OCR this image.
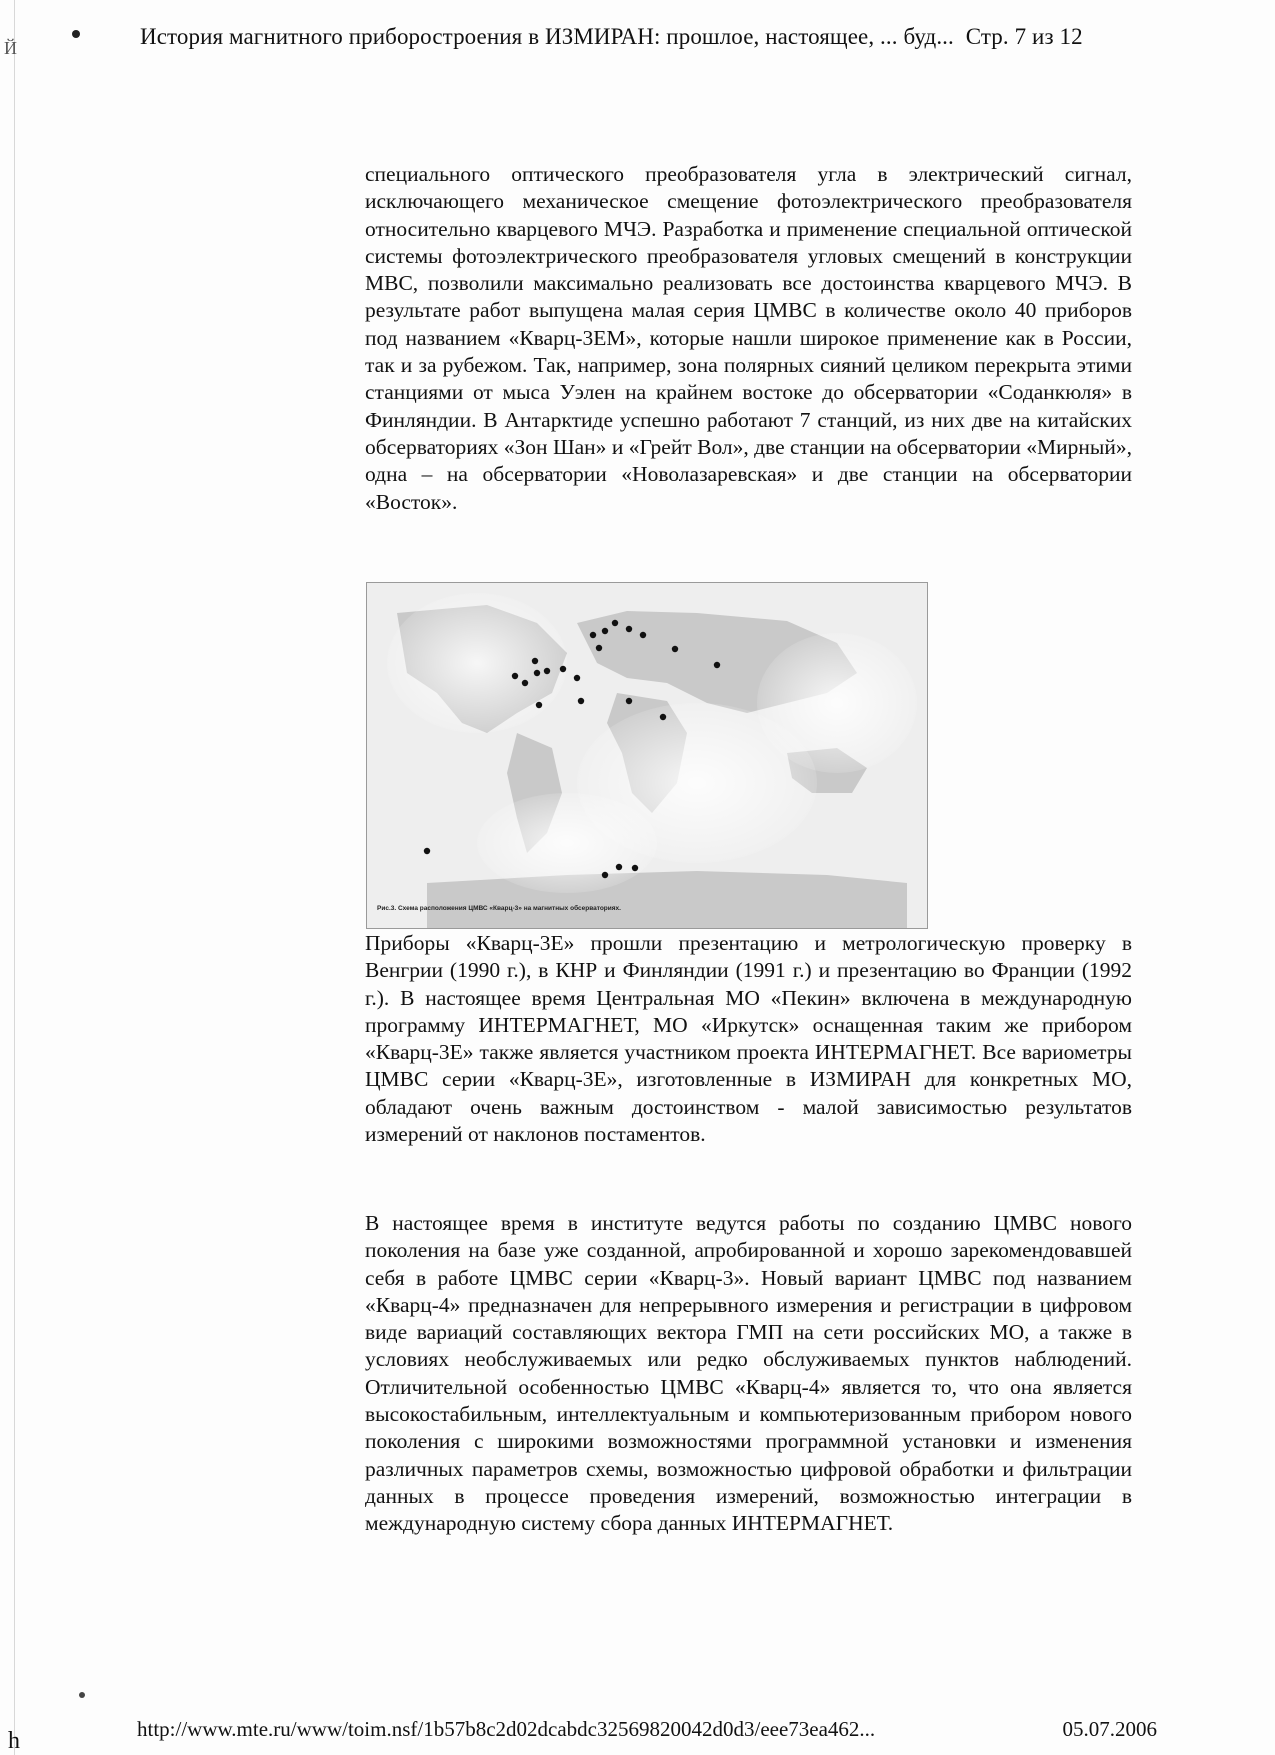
Й	История магнитного приборостроения в ИЗМИРАН: прошлое, настоящее, ... буд... Стр. 7 из 12

специального оптического преобразователя угла в электрический сигнал, исключающего механическое смещение фотоэлектрического преобразователя относительно кварцевого МЧЭ. Разработка и применение специальной оптической системы фотоэлектрического преобразователя угловых смещений в конструкции МВС, позволили максимально реализовать все достоинства кварцевого МЧЭ. В результате работ выпущена малая серия ЦМВС в количестве около 40 приборов под названием «Кварц-3ЕМ», которые нашли широкое применение как в России, так и за рубежом. Так, например, зона полярных сияний целиком перекрыта этими станциями от мыса Уэлен на крайнем востоке до обсерватории «Соданкюля» в Финляндии. В Антарктиде успешно работают 7 станций, из них две на китайских обсерваториях «Зон Шан» и «Грейт Вол», две станции на обсерватории «Мирный», одна – на обсерватории «Новолазаревская» и две станции на обсерватории «Восток».

Рис.3. Схема расположения ЦМВС «Кварц-3» на магнитных обсерваториях.

Приборы «Кварц-3Е» прошли презентацию и метрологическую проверку в Венгрии (1990 г.), в КНР и Финляндии (1991 г.) и презентацию во Франции (1992 г.). В настоящее время Центральная МО «Пекин» включена в международную программу ИНТЕРМАГНЕТ, МО «Иркутск» оснащенная таким же прибором «Кварц-3Е» также является участником проекта ИНТЕРМАГНЕТ. Все вариометры ЦМВС серии «Кварц-3Е», изготовленные в ИЗМИРАН для конкретных МО, обладают очень важным достоинством - малой зависимостью результатов измерений от наклонов постаментов.

В настоящее время в институте ведутся работы по созданию ЦМВС нового поколения на базе уже созданной, апробированной и хорошо зарекомендовавшей себя в работе ЦМВС серии «Кварц-3». Новый вариант ЦМВС под названием «Кварц-4» предназначен для непрерывного измерения и регистрации в цифровом виде вариаций составляющих вектора ГМП на сети российских МО, а также в условиях необслуживаемых или редко обслуживаемых пунктов наблюдений. Отличительной особенностью ЦМВС «Кварц-4» является то, что она является высокостабильным, интеллектуальным и компьютеризованным прибором нового поколения с широкими возможностями программной установки и изменения различных параметров схемы, возможностью цифровой обработки и фильтрации данных в процессе проведения измерений, возможностью интеграции в международную систему сбора данных ИНТЕРМАГНЕТ.

http://www.mte.ru/www/toim.nsf/1b57b8c2d02dcabdc32569820042d0d3/eee73ea462...	05.07.2006
h
